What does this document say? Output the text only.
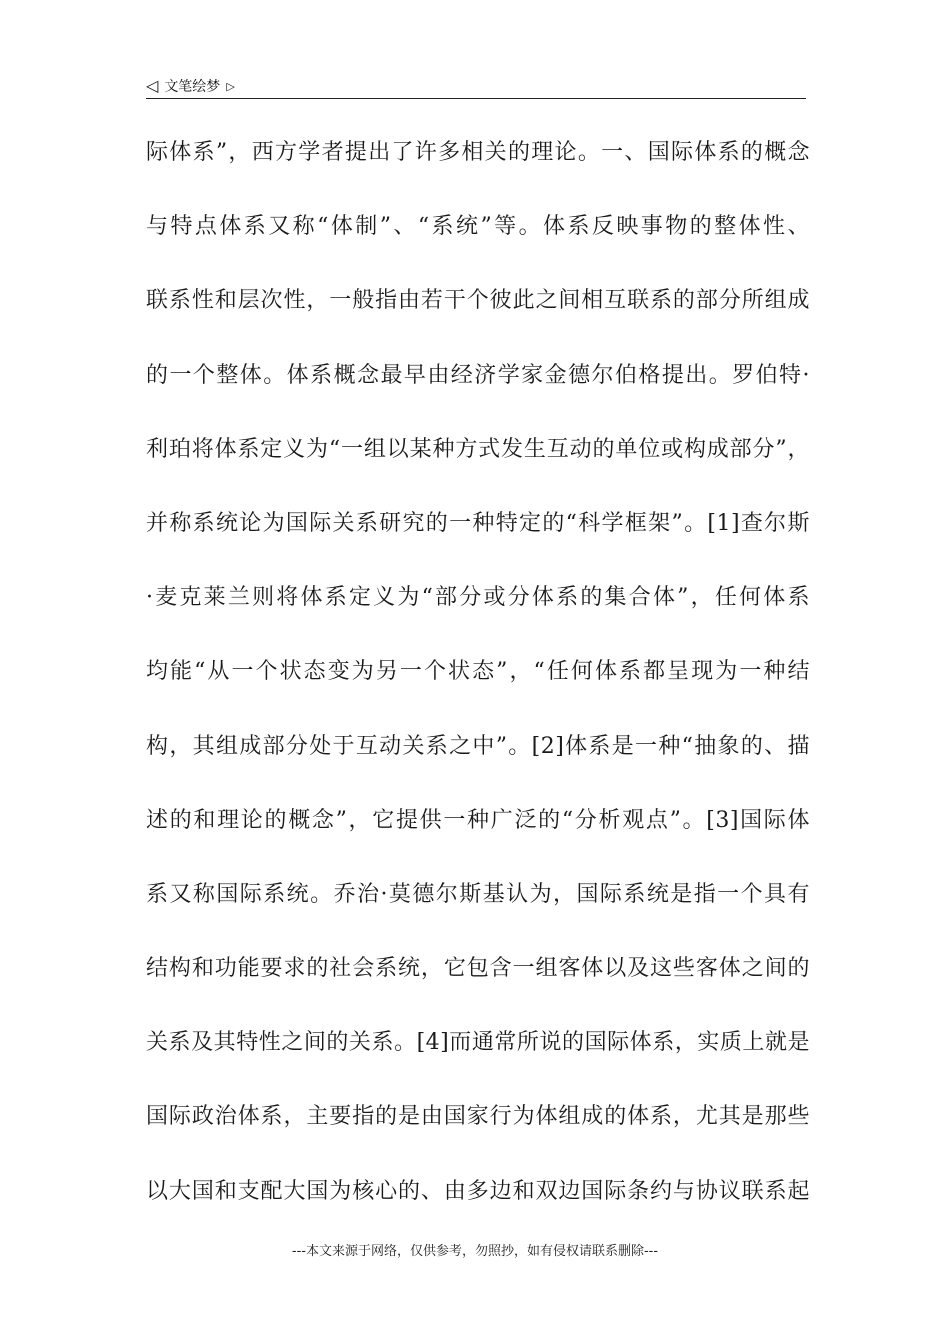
◁ 文笔绘梦 ▷
际体系”，西方学者提出了许多相关的理论。一、国际体系的概念
与特点体系又称“体制”、“系统”等。体系反映事物的整体性、
联系性和层次性，一般指由若干个彼此之间相互联系的部分所组成
的一个整体。体系概念最早由经济学家金德尔伯格提出。罗伯特·
利珀将体系定义为“一组以某种方式发生互动的单位或构成部分”，
并称系统论为国际关系研究的一种特定的“科学框架”。[1]查尔斯
·麦克莱兰则将体系定义为“部分或分体系的集合体”，任何体系
均能“从一个状态变为另一个状态”，“任何体系都呈现为一种结
构，其组成部分处于互动关系之中”。[2]体系是一种“抽象的、描
述的和理论的概念”，它提供一种广泛的“分析观点”。[3]国际体
系又称国际系统。乔治·莫德尔斯基认为，国际系统是指一个具有
结构和功能要求的社会系统，它包含一组客体以及这些客体之间的
关系及其特性之间的关系。[4]而通常所说的国际体系，实质上就是
国际政治体系，主要指的是由国家行为体组成的体系，尤其是那些
以大国和支配大国为核心的、由多边和双边国际条约与协议联系起
---本文来源于网络，仅供参考，勿照抄，如有侵权请联系删除---
